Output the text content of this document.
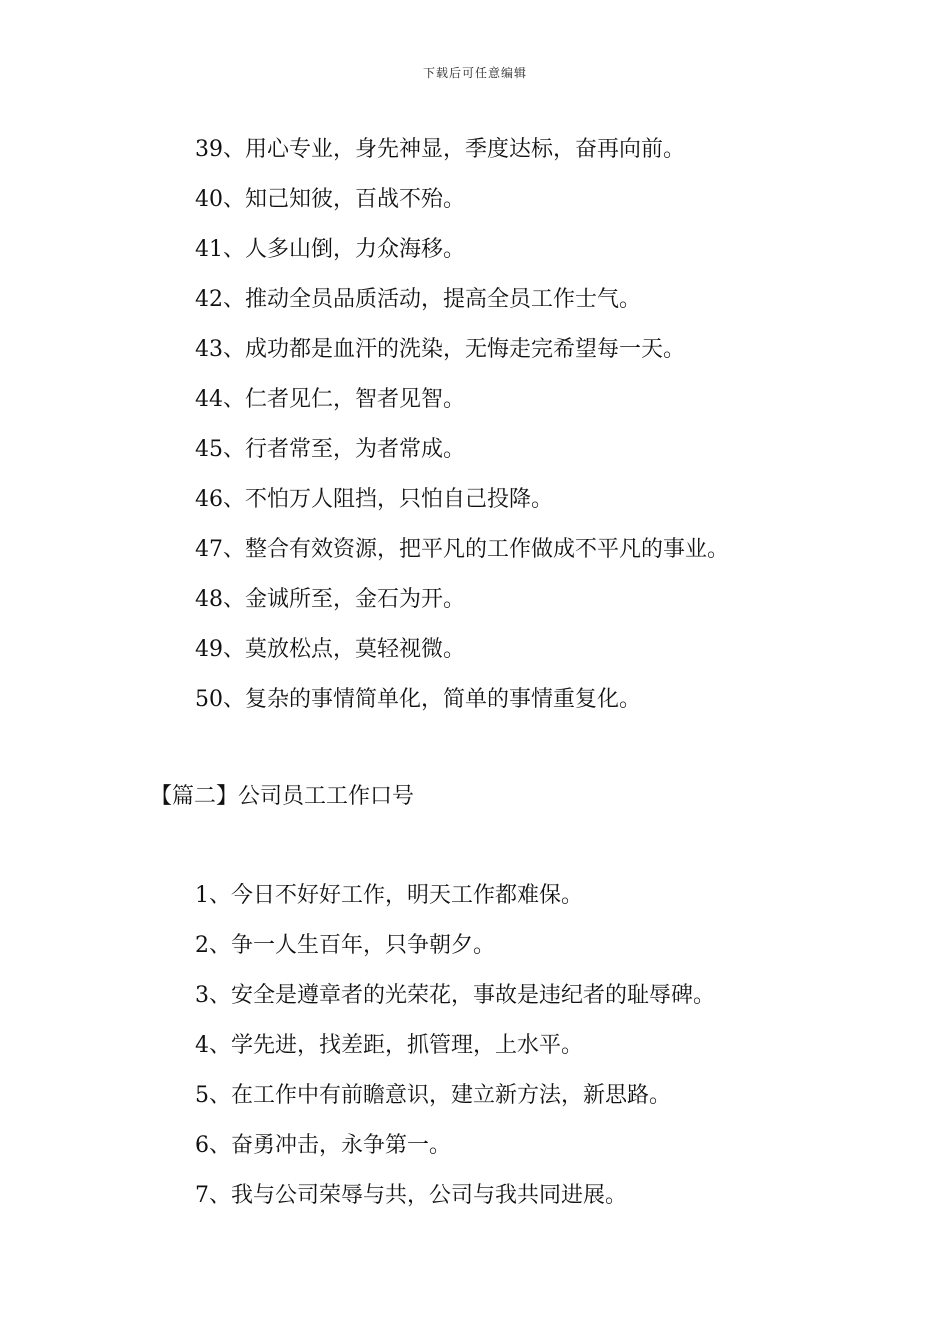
下载后可任意编辑
39、用心专业，身先神显，季度达标，奋再向前。
40、知己知彼，百战不殆。
41、人多山倒，力众海移。
42、推动全员品质活动，提高全员工作士气。
43、成功都是血汗的洗染，无悔走完希望每一天。
44、仁者见仁，智者见智。
45、行者常至，为者常成。
46、不怕万人阻挡，只怕自己投降。
47、整合有效资源，把平凡的工作做成不平凡的事业。
48、金诚所至，金石为开。
49、莫放松点，莫轻视微。
50、复杂的事情简单化，简单的事情重复化。
【篇二】公司员工工作口号
1、今日不好好工作，明天工作都难保。
2、争一人生百年，只争朝夕。
3、安全是遵章者的光荣花，事故是违纪者的耻辱碑。
4、学先进，找差距，抓管理，上水平。
5、在工作中有前瞻意识，建立新方法，新思路。
6、奋勇冲击，永争第一。
7、我与公司荣辱与共，公司与我共同进展。
